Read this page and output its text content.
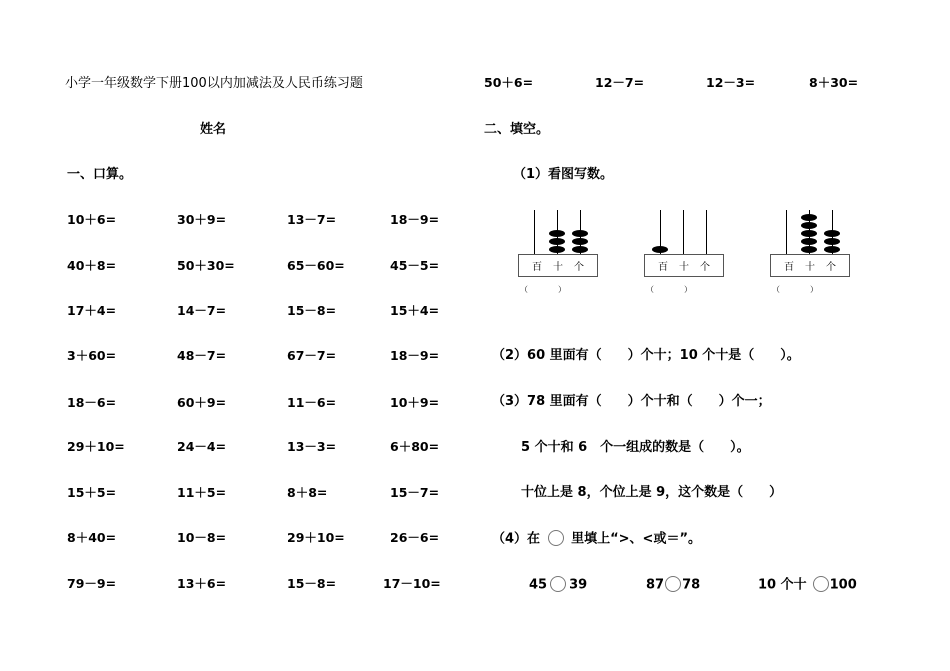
小学一年级数学下册100以内加减法及人民币练习题
姓名
一、口算。
10＋6=	30＋9=	13－7=	18－9=
40＋8=	50＋30=	65－60=	45－5=
17＋4=	14－7=	15－8=	15＋4=
3＋60=	48－7=	67－7=	18－9=
18－6=	60＋9=	11－6=	10＋9=
29＋10=	24－4=	13－3=	6＋80=
15＋5=	11＋5=	8＋8=	15－7=
8＋40=	10－8=	29＋10=	26－6=
79－9=	13＋6=	15－8=	17－10=
50＋6=	12－7=	12－3=	8＋30=
二、填空。
（1）看图写数。
百 十 个
（	）
百 十 个
（	）
百 十 个
（	）
（2）60 里面有（　　）个十；10 个十是（　　）。
（3）78 里面有（　　）个十和（　　）个一；
5 个十和 6　个一组成的数是（　　）。
十位上是 8，个位上是 9，这个数是（　　）
（4）在 里填上“>、<或＝”。
45 39	87 78	10 个十 100
